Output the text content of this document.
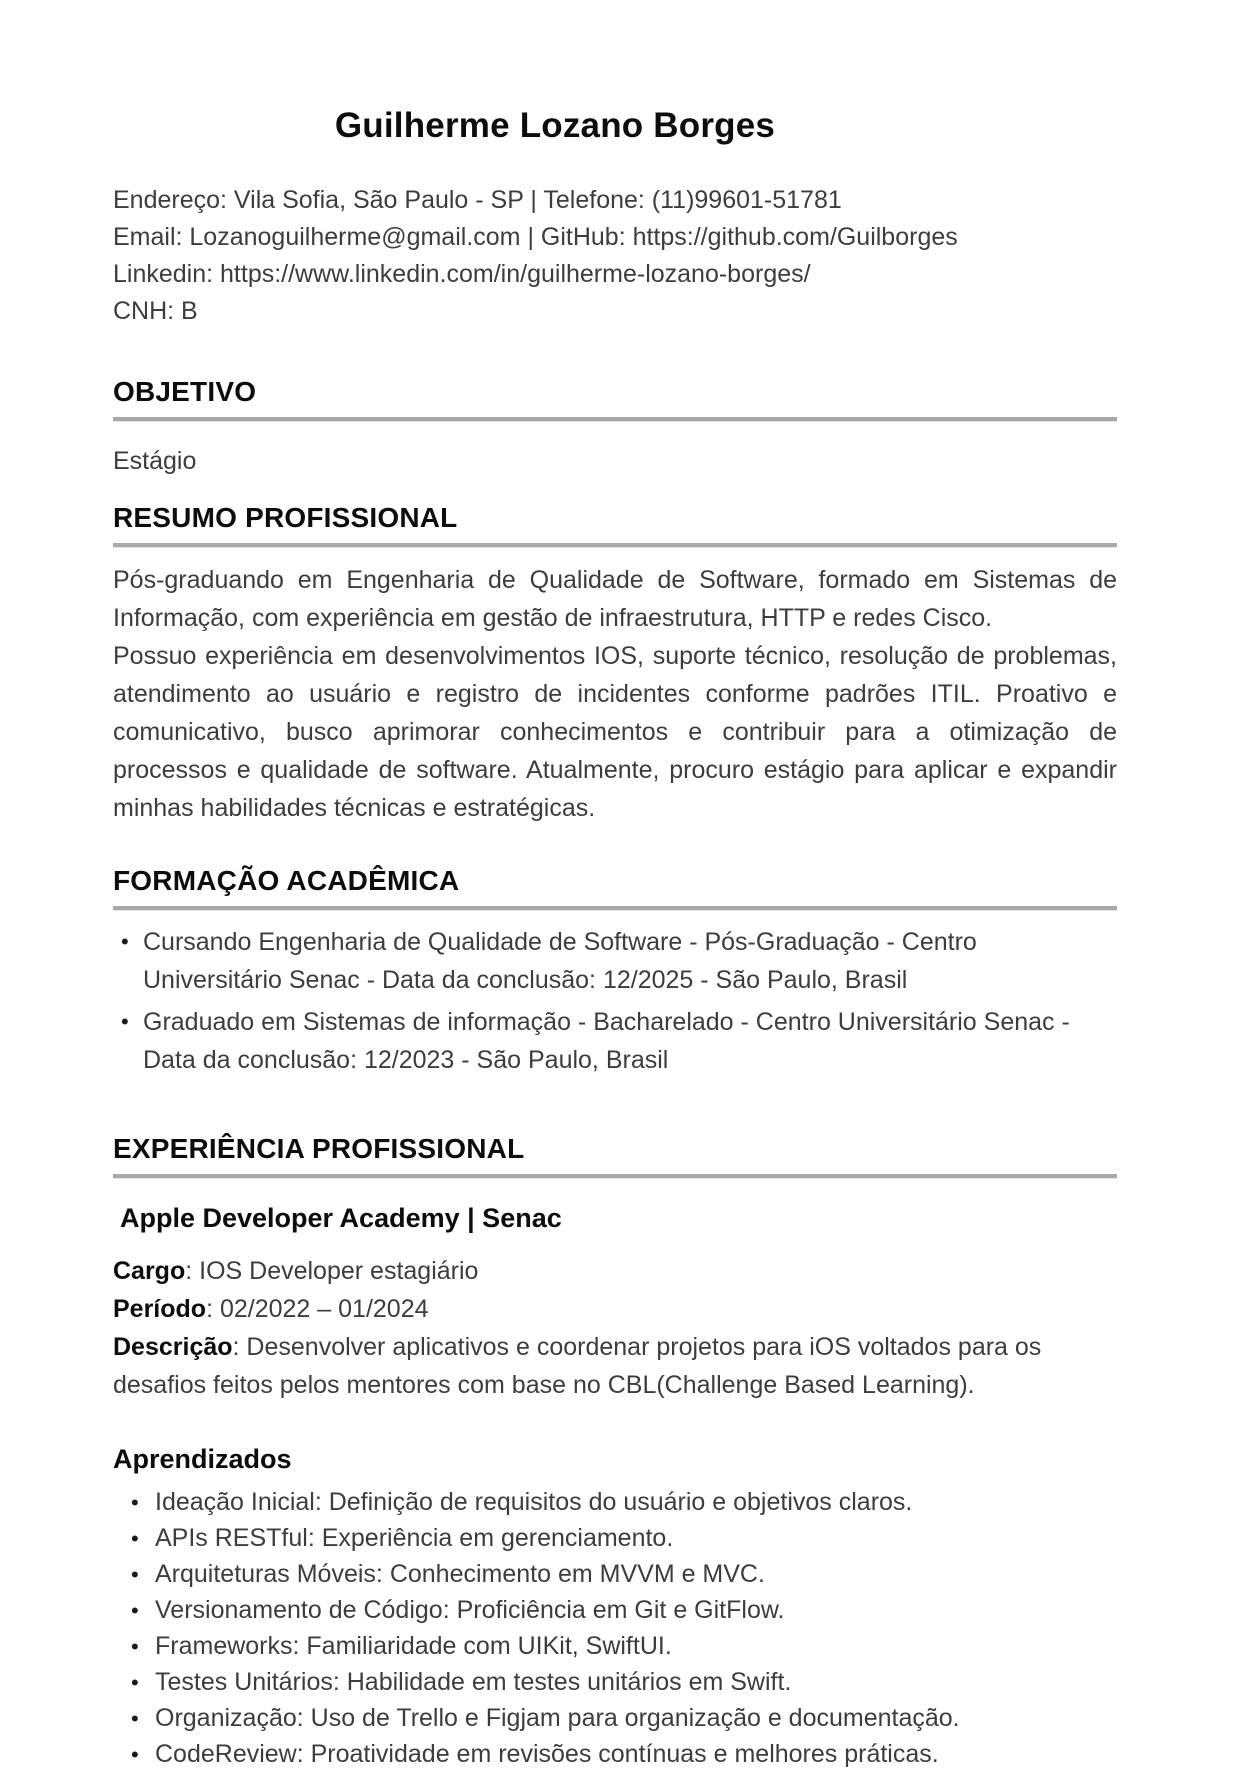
Guilherme Lozano Borges
Endereço: Vila Sofia, São Paulo - SP | Telefone: (11)99601-51781
Email: Lozanoguilherme@gmail.com | GitHub: https://github.com/Guilborges
Linkedin: https://www.linkedin.com/in/guilherme-lozano-borges/
CNH: B
OBJETIVO
Estágio
RESUMO PROFISSIONAL

Pós-graduando em Engenharia de Qualidade de Software, formado em Sistemas de Informação, com experiência em gestão de infraestrutura, HTTP e redes Cisco.

Possuo experiência em desenvolvimentos IOS, suporte técnico, resolução de problemas, atendimento ao usuário e registro de incidentes conforme padrões ITIL. Proativo e comunicativo, busco aprimorar conhecimentos e contribuir para a otimização de processos e qualidade de software. Atualmente, procuro estágio para aplicar e expandir minhas habilidades técnicas e estratégicas.

FORMAÇÃO ACADÊMICA
• Cursando Engenharia de Qualidade de Software - Pós-Graduação - Centro Universitário Senac - Data da conclusão: 12/2025 - São Paulo, Brasil
• Graduado em Sistemas de informação - Bacharelado - Centro Universitário Senac - Data da conclusão: 12/2023 - São Paulo, Brasil
EXPERIÊNCIA PROFISSIONAL
Apple Developer Academy | Senac
Cargo: IOS Developer estagiário
Período: 02/2022 – 01/2024
Descrição: Desenvolver aplicativos e coordenar projetos para iOS voltados para os desafios feitos pelos mentores com base no CBL(Challenge Based Learning).
Aprendizados
• Ideação Inicial: Definição de requisitos do usuário e objetivos claros.
• APIs RESTful: Experiência em gerenciamento.
• Arquiteturas Móveis: Conhecimento em MVVM e MVC.
• Versionamento de Código: Proficiência em Git e GitFlow.
• Frameworks: Familiaridade com UIKit, SwiftUI.
• Testes Unitários: Habilidade em testes unitários em Swift.
• Organização: Uso de Trello e Figjam para organização e documentação.
• CodeReview: Proatividade em revisões contínuas e melhores práticas.
